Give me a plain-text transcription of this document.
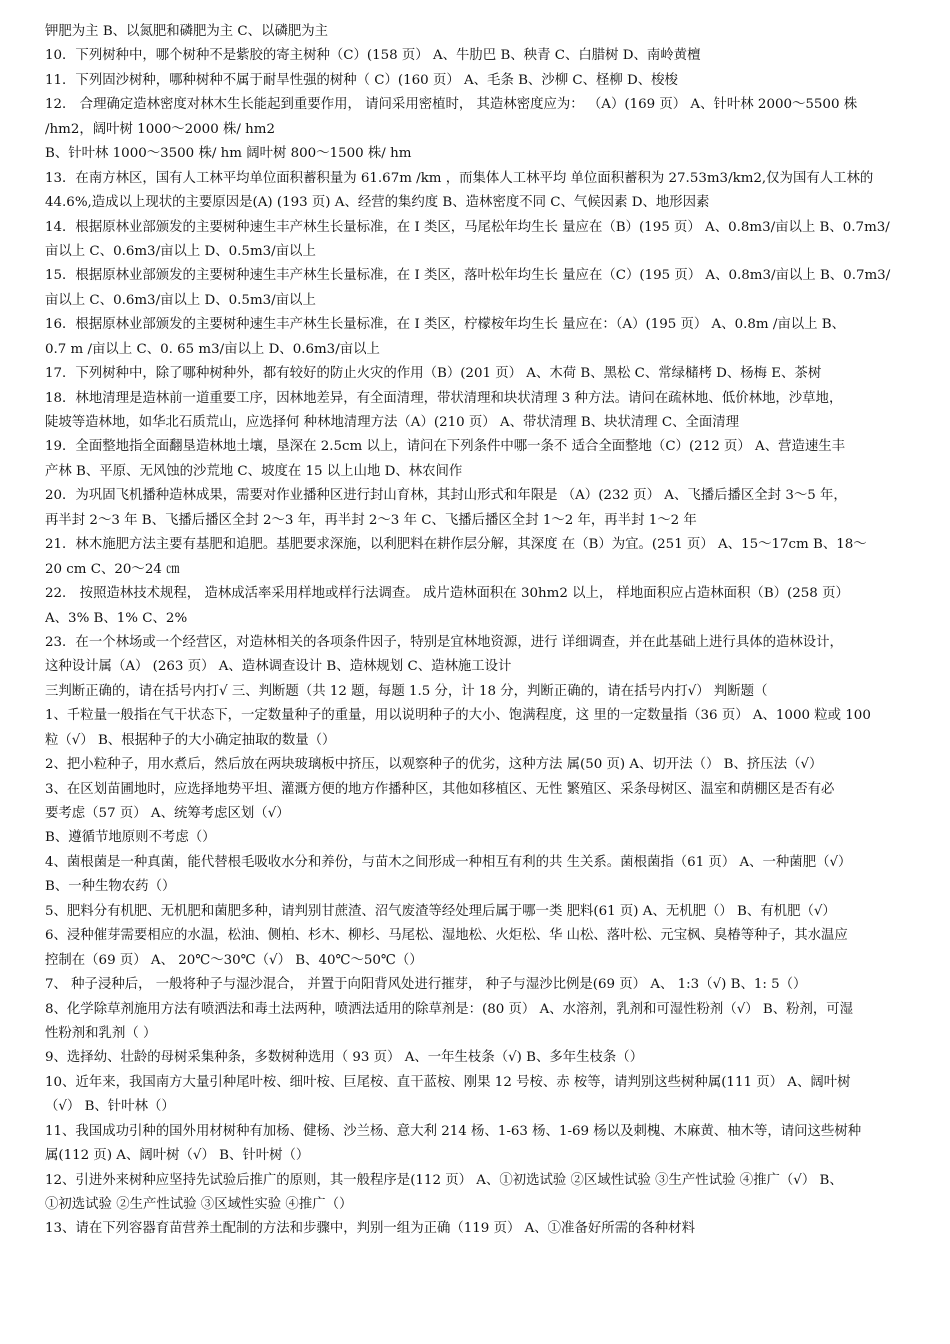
钾肥为主 B、以氮肥和磷肥为主 C、以磷肥为主
10．下列树种中，哪个树种不是紫胶的寄主树种（C）(158 页） A、牛肋巴 B、秧青 C、白腊树 D、南岭黄檀
11．下列固沙树种，哪种树种不属于耐旱性强的树种（ C）(160 页） A、毛条 B、沙柳 C、柽柳 D、梭梭
12． 合理确定造林密度对林木生长能起到重要作用， 请问采用密植时， 其造林密度应为： （A）(169 页） A、针叶林 2000～5500 株
/hm2，阔叶树 1000～2000 株/ hm2
B、针叶林 1000～3500 株/ hm 阔叶树 800～1500 株/ hm
13．在南方林区，国有人工林平均单位面积蓄积量为 61.67m /km ，而集体人工林平均 单位面积蓄积为 27.53m3/km2,仅为国有人工林的
44.6%,造成以上现状的主要原因是(A) (193 页) A、经营的集约度 B、造林密度不同 C、气候因素 D、地形因素
14．根据原林业部颁发的主要树种速生丰产林生长量标准，在 I 类区，马尾松年均生长 量应在（B）(195 页） A、0.8m3/亩以上 B、0.7m3/
亩以上 C、0.6m3/亩以上 D、0.5m3/亩以上
15．根据原林业部颁发的主要树种速生丰产林生长量标准，在 I 类区，落叶松年均生长 量应在（C）(195 页） A、0.8m3/亩以上 B、0.7m3/
亩以上 C、0.6m3/亩以上 D、0.5m3/亩以上
16．根据原林业部颁发的主要树种速生丰产林生长量标准，在 I 类区，柠檬桉年均生长 量应在：（A）(195 页） A、0.8m /亩以上 B、
0.7 m /亩以上 C、0. 65 m3/亩以上 D、0.6m3/亩以上
17．下列树种中，除了哪种树种外，都有较好的防止火灾的作用（B）(201 页） A、木荷 B、黑松 C、常绿槠栲 D、杨梅 E、茶树
18．林地清理是造林前一道重要工序，因林地差异，有全面清理，带状清理和块状清理 3 种方法。请问在疏林地、低价林地，沙草地，
陡坡等造林地，如华北石质荒山，应选择何 种林地清理方法（A）(210 页） A、带状清理 B、块状清理 C、全面清理
19．全面整地指全面翻垦造林地土壤，垦深在 2.5cm 以上，请问在下列条件中哪一条不 适合全面整地（C）(212 页） A、营造速生丰
产林 B、平原、无风蚀的沙荒地 C、坡度在 15 以上山地 D、林农间作
20．为巩固飞机播种造林成果，需要对作业播种区进行封山育林，其封山形式和年限是 （A）(232 页） A、飞播后播区全封 3～5 年，
再半封 2～3 年 B、飞播后播区全封 2～3 年，再半封 2～3 年 C、飞播后播区全封 1～2 年，再半封 1～2 年
21．林木施肥方法主要有基肥和追肥。基肥要求深施，以利肥料在耕作层分解，其深度 在（B）为宜。(251 页） A、15～17cm B、18～
20 cm C、20～24 ㎝
22． 按照造林技术规程， 造林成活率采用样地或样行法调查。 成片造林面积在 30hm2 以上， 样地面积应占造林面积（B）(258 页）
A、3% B、1% C、2%
23．在一个林场或一个经营区，对造林相关的各项条件因子，特别是宜林地资源，进行 详细调查，并在此基础上进行具体的造林设计，
这种设计属（A） (263 页） A、造林调查设计 B、造林规划 C、造林施工设计
三判断正确的，请在括号内打√ 三、判断题（共 12 题，每题 1.5 分，计 18 分，判断正确的，请在括号内打√） 判断题（
1、千粒量一般指在气干状态下，一定数量种子的重量，用以说明种子的大小、饱满程度，这 里的一定数量指（36 页） A、1000 粒或 100
粒（√） B、根据种子的大小确定抽取的数量（）
2、把小粒种子，用水煮后，然后放在两块玻璃板中挤压，以观察种子的优劣，这种方法 属(50 页) A、切开法（） B、挤压法（√）
3、在区划苗圃地时，应选择地势平坦、灌溉方便的地方作播种区，其他如移植区、无性 繁殖区、采条母树区、温室和荫棚区是否有必
要考虑（57 页） A、统筹考虑区划（√）
B、遵循节地原则不考虑（）
4、菌根菌是一种真菌，能代替根毛吸收水分和养份，与苗木之间形成一种相互有利的共 生关系。菌根菌指（61 页） A、一种菌肥（√）
B、一种生物农药（）
5、肥料分有机肥、无机肥和菌肥多种，请判别甘蔗渣、沼气废渣等经处理后属于哪一类 肥料(61 页) A、无机肥（） B、有机肥（√）
6、浸种催芽需要相应的水温，松油、侧柏、杉木、柳杉、马尾松、湿地松、火炬松、华 山松、落叶松、元宝枫、臭椿等种子，其水温应
控制在（69 页） A、 20℃～30℃（√） B、40℃～50℃（）
7、 种子浸种后， 一般将种子与湿沙混合， 并置于向阳背风处进行摧芽， 种子与湿沙比例是(69 页） A、 1:3（√) B、1: 5（）
8、化学除草剂施用方法有喷洒法和毒土法两种，喷洒法适用的除草剂是：(80 页） A、水溶剂，乳剂和可湿性粉剂（√） B、粉剂，可湿
性粉剂和乳剂（ ）
9、选择幼、壮龄的母树采集种条，多数树种选用（ 93 页） A、一年生枝条（√) B、多年生枝条（）
10、近年来，我国南方大量引种尾叶桉、细叶桉、巨尾桉、直干蓝桉、刚果 12 号桉、赤 桉等，请判别这些树种属(111 页） A、阔叶树
（√） B、针叶林（）
11、我国成功引种的国外用材树种有加杨、健杨、沙兰杨、意大利 214 杨、1-63 杨、1-69 杨以及刺槐、木麻黄、柚木等，请问这些树种
属(112 页) A、阔叶树（√） B、针叶树（）
12、引进外来树种应坚持先试验后推广的原则，其一般程序是(112 页） A、①初选试验 ②区域性试验 ③生产性试验 ④推广（√） B、
①初选试验 ②生产性试验 ③区域性实验 ④推广（）
13、请在下列容器育苗营养土配制的方法和步骤中，判别一组为正确（119 页） A、①准备好所需的各种材料
